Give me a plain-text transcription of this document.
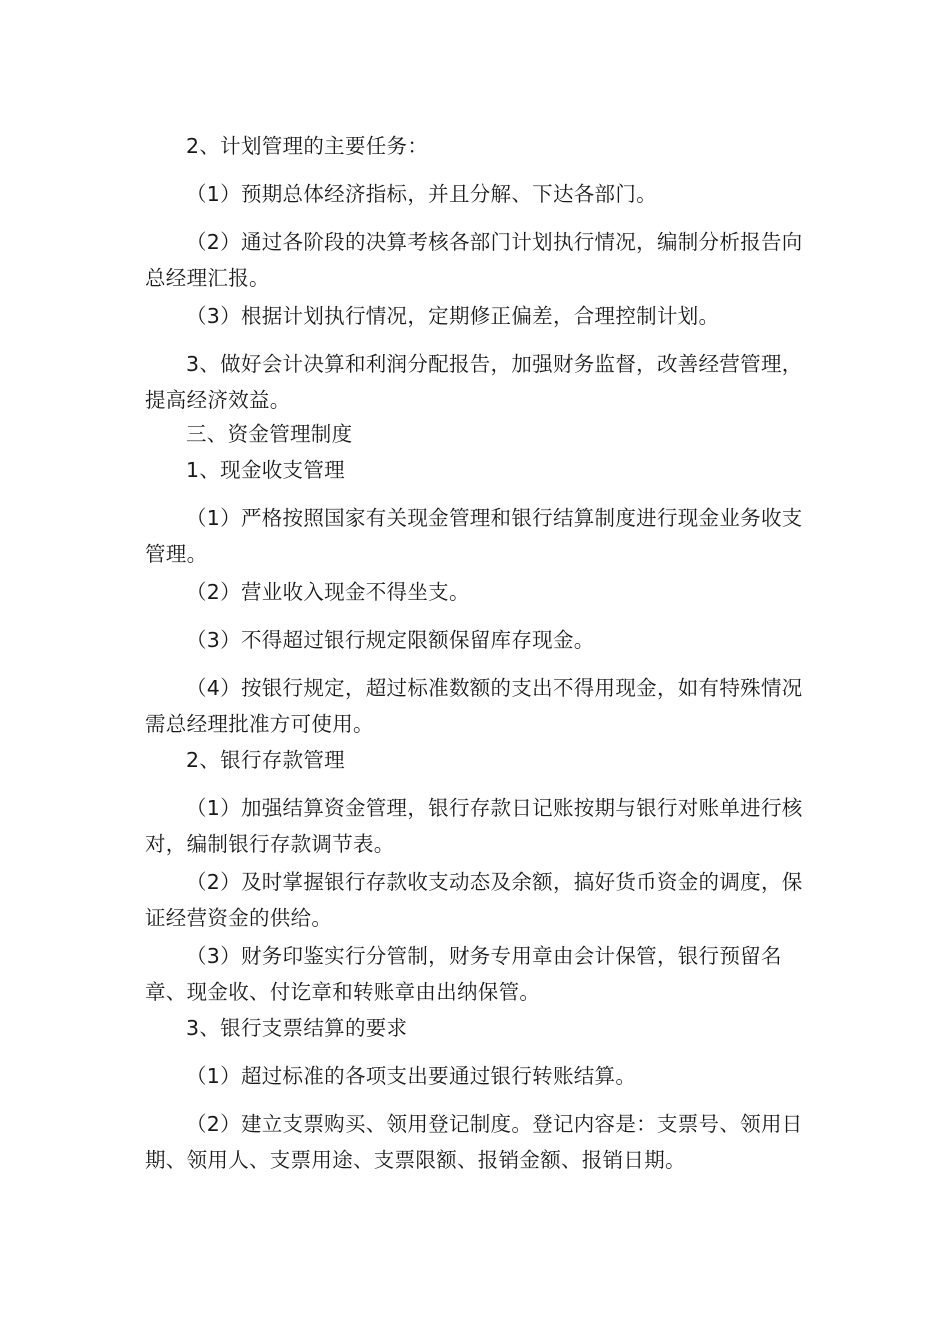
2、计划管理的主要任务：

（1）预期总体经济指标，并且分解、下达各部门。

（2）通过各阶段的决算考核各部门计划执行情况，编制分析报告向总经理汇报。

（3）根据计划执行情况，定期修正偏差，合理控制计划。

3、做好会计决算和利润分配报告，加强财务监督，改善经营管理，提高经济效益。

三、资金管理制度

1、现金收支管理

（1）严格按照国家有关现金管理和银行结算制度进行现金业务收支管理。

（2）营业收入现金不得坐支。

（3）不得超过银行规定限额保留库存现金。

（4）按银行规定，超过标准数额的支出不得用现金，如有特殊情况需总经理批准方可使用。

2、银行存款管理

（1）加强结算资金管理，银行存款日记账按期与银行对账单进行核对，编制银行存款调节表。

（2）及时掌握银行存款收支动态及余额，搞好货币资金的调度，保证经营资金的供给。

（3）财务印鉴实行分管制，财务专用章由会计保管，银行预留名章、现金收、付讫章和转账章由出纳保管。

3、银行支票结算的要求

（1）超过标准的各项支出要通过银行转账结算。

（2）建立支票购买、领用登记制度。登记内容是：支票号、领用日期、领用人、支票用途、支票限额、报销金额、报销日期。
